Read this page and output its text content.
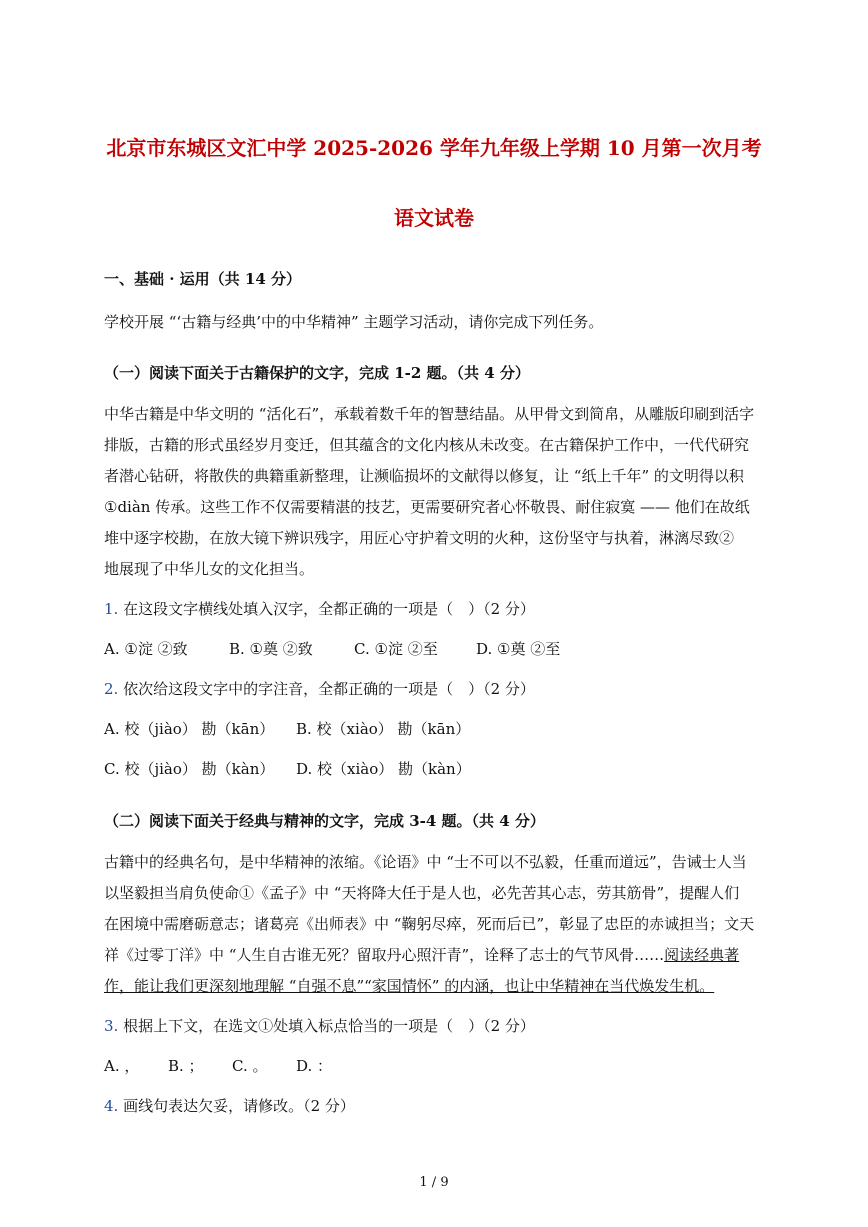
北京市东城区文汇中学 2025-2026 学年九年级上学期 10 月第一次月考
语文试卷
一、基础 · 运用（共 14 分）
学校开展 “‘古籍与经典’中的中华精神” 主题学习活动，请你完成下列任务。
（一）阅读下面关于古籍保护的文字，完成 1-2 题。（共 4 分）
中华古籍是中华文明的 “活化石”，承载着数千年的智慧结晶。从甲骨文到简帛，从雕版印刷到活字
排版，古籍的形式虽经岁月变迁，但其蕴含的文化内核从未改变。在古籍保护工作中，一代代研究
者潜心钻研，将散佚的典籍重新整理，让濒临损坏的文献得以修复，让 “纸上千年” 的文明得以积
①diàn 传承。这些工作不仅需要精湛的技艺，更需要研究者心怀敬畏、耐住寂寞 —— 他们在故纸
堆中逐字校勘，在放大镜下辨识残字，用匠心守护着文明的火种，这份坚守与执着，淋漓尽致②
地展现了中华儿女的文化担当。
1. 在这段文字横线处填入汉字，全都正确的一项是（　）（2 分）
A. ①淀 ②致	B. ①奠 ②致	C. ①淀 ②至	D. ①奠 ②至
2. 依次给这段文字中的字注音，全都正确的一项是（　）（2 分）
A. 校（jiào） 勘（kān） B. 校（xiào） 勘（kān）
C. 校（jiào） 勘（kàn） D. 校（xiào） 勘（kàn）
（二）阅读下面关于经典与精神的文字，完成 3-4 题。（共 4 分）
古籍中的经典名句，是中华精神的浓缩。《论语》中 “士不可以不弘毅，任重而道远”，告诫士人当
以坚毅担当肩负使命①《孟子》中 “天将降大任于是人也，必先苦其心志，劳其筋骨”，提醒人们
在困境中需磨砺意志；诸葛亮《出师表》中 “鞠躬尽瘁，死而后已”，彰显了忠臣的赤诚担当；文天
祥《过零丁洋》中 “人生自古谁无死？留取丹心照汗青”，诠释了志士的气节风骨……阅读经典著
作，能让我们更深刻地理解 “自强不息”“家国情怀” 的内涵，也让中华精神在当代焕发生机。
3. 根据上下文，在选文①处填入标点恰当的一项是（　）（2 分）
A. ， B. ； C. 。 D. ：
4. 画线句表达欠妥，请修改。（2 分）
1 / 9
